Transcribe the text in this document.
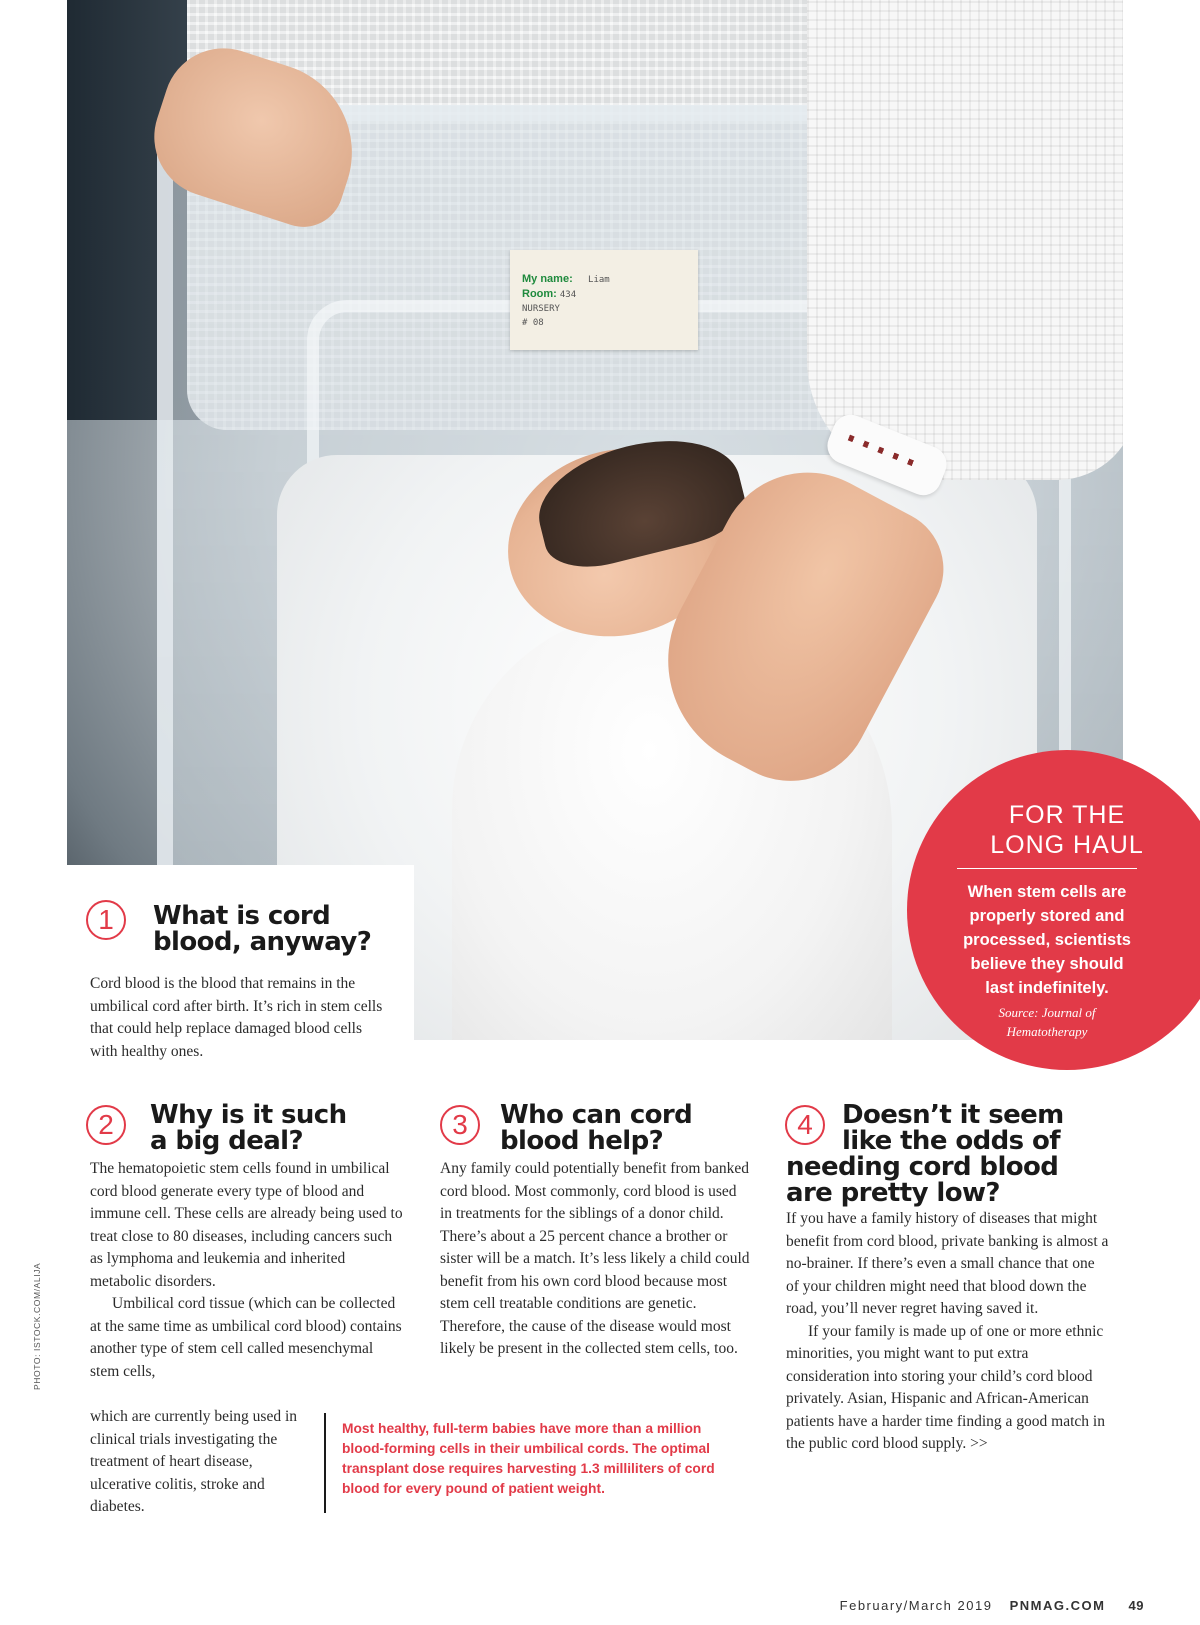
My name: Liam
Room: 434
NURSERY
# 08
1	What is cord
blood, anyway?

Cord blood is the blood that remains in the umbilical cord after birth. It’s rich in stem cells that could help replace damaged blood cells with healthy ones.

2	Why is it such
a big deal?

The hematopoietic stem cells found in umbilical cord blood generate every type of blood and immune cell. These cells are already being used to treat close to 80 diseases, including cancers such as lymphoma and leukemia and inherited metabolic disorders.

Umbilical cord tissue (which can be collected at the same time as umbilical cord blood) contains another type of stem cell called mesenchymal stem cells,

which are currently being used in clinical trials investigating the treatment of heart disease, ulcerative colitis, stroke and diabetes.

3	Who can cord
blood help?

Any family could potentially benefit from banked cord blood. Most commonly, cord blood is used in treatments for the siblings of a donor child. There’s about a 25 percent chance a brother or sister will be a match. It’s less likely a child could benefit from his own cord blood because most stem cell treatable conditions are genetic. Therefore, the cause of the disease would most likely be present in the collected stem cells, too.

4	Doesn’t it seem
like the odds of
needing cord blood
are pretty low?

If you have a family history of diseases that might benefit from cord blood, private banking is almost a no-brainer. If there’s even a small chance that one of your children might need that blood down the road, you’ll never regret having saved it.

If your family is made up of one or more ethnic minorities, you might want to put extra consideration into storing your child’s cord blood privately. Asian, Hispanic and African-American patients have a harder time finding a good match in the public cord blood supply. >>

FOR THE
LONG HAUL
When stem cells are properly stored and processed, scientists believe they should last indefinitely.
Source: Journal of Hematotherapy
Most healthy, full-term babies have more than a million blood-forming cells in their umbilical cords. The optimal transplant dose requires harvesting 1.3 milliliters of cord blood for every pound of patient weight.
PHOTO: ISTOCK.COM/ALIJA
February/March 2019 PNMAG.COM 49
